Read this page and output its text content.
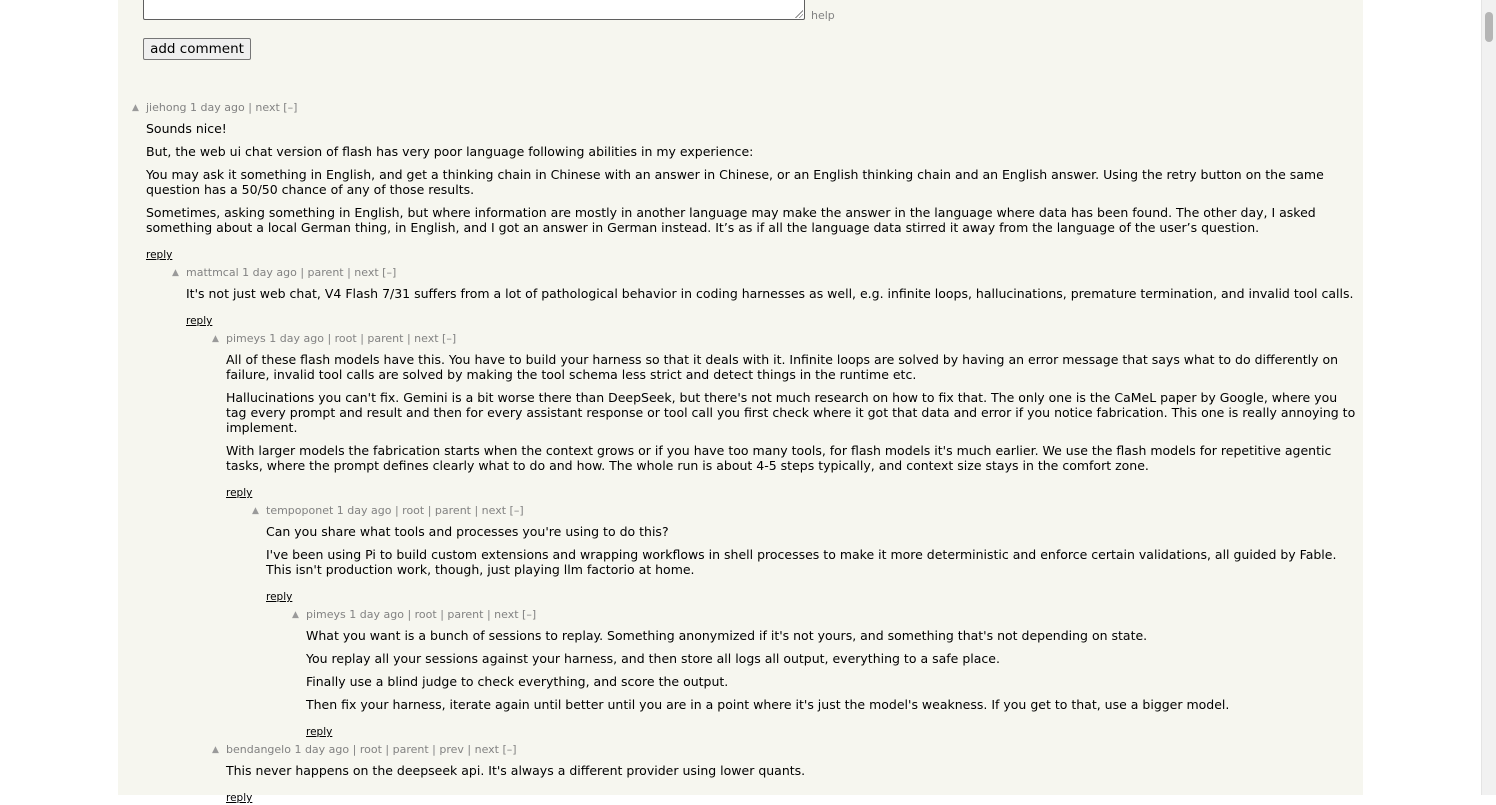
help
add comment
▲ jiehong 1 day ago | next [–]

Sounds nice!

But, the web ui chat version of flash has very poor language following abilities in my experience:

You may ask it something in English, and get a thinking chain in Chinese with an answer in Chinese, or an English thinking chain and an English answer. Using the retry button on the same question has a 50/50 chance of any of those results.

Sometimes, asking something in English, but where information are mostly in another language may make the answer in the language where data has been found. The other day, I asked something about a local German thing, in English, and I got an answer in German instead. It’s as if all the language data stirred it away from the language of the user’s question.

reply
▲ mattmcal 1 day ago | parent | next [–]

It's not just web chat, V4 Flash 7/31 suffers from a lot of pathological behavior in coding harnesses as well, e.g. infinite loops, hallucinations, premature termination, and invalid tool calls.

reply
▲ pimeys 1 day ago | root | parent | next [–]

All of these flash models have this. You have to build your harness so that it deals with it. Infinite loops are solved by having an error message that says what to do differently on failure, invalid tool calls are solved by making the tool schema less strict and detect things in the runtime etc.

Hallucinations you can't fix. Gemini is a bit worse there than DeepSeek, but there's not much research on how to fix that. The only one is the CaMeL paper by Google, where you tag every prompt and result and then for every assistant response or tool call you first check where it got that data and error if you notice fabrication. This one is really annoying to implement.

With larger models the fabrication starts when the context grows or if you have too many tools, for flash models it's much earlier. We use the flash models for repetitive agentic tasks, where the prompt defines clearly what to do and how. The whole run is about 4-5 steps typically, and context size stays in the comfort zone.

reply
▲ tempoponet 1 day ago | root | parent | next [–]

Can you share what tools and processes you're using to do this?

I've been using Pi to build custom extensions and wrapping workflows in shell processes to make it more deterministic and enforce certain validations, all guided by Fable. This isn't production work, though, just playing llm factorio at home.

reply
▲ pimeys 1 day ago | root | parent | next [–]

What you want is a bunch of sessions to replay. Something anonymized if it's not yours, and something that's not depending on state.

You replay all your sessions against your harness, and then store all logs all output, everything to a safe place.

Finally use a blind judge to check everything, and score the output.

Then fix your harness, iterate again until better until you are in a point where it's just the model's weakness. If you get to that, use a bigger model.

reply
▲ bendangelo 1 day ago | root | parent | prev | next [–]

This never happens on the deepseek api. It's always a different provider using lower quants.

reply
